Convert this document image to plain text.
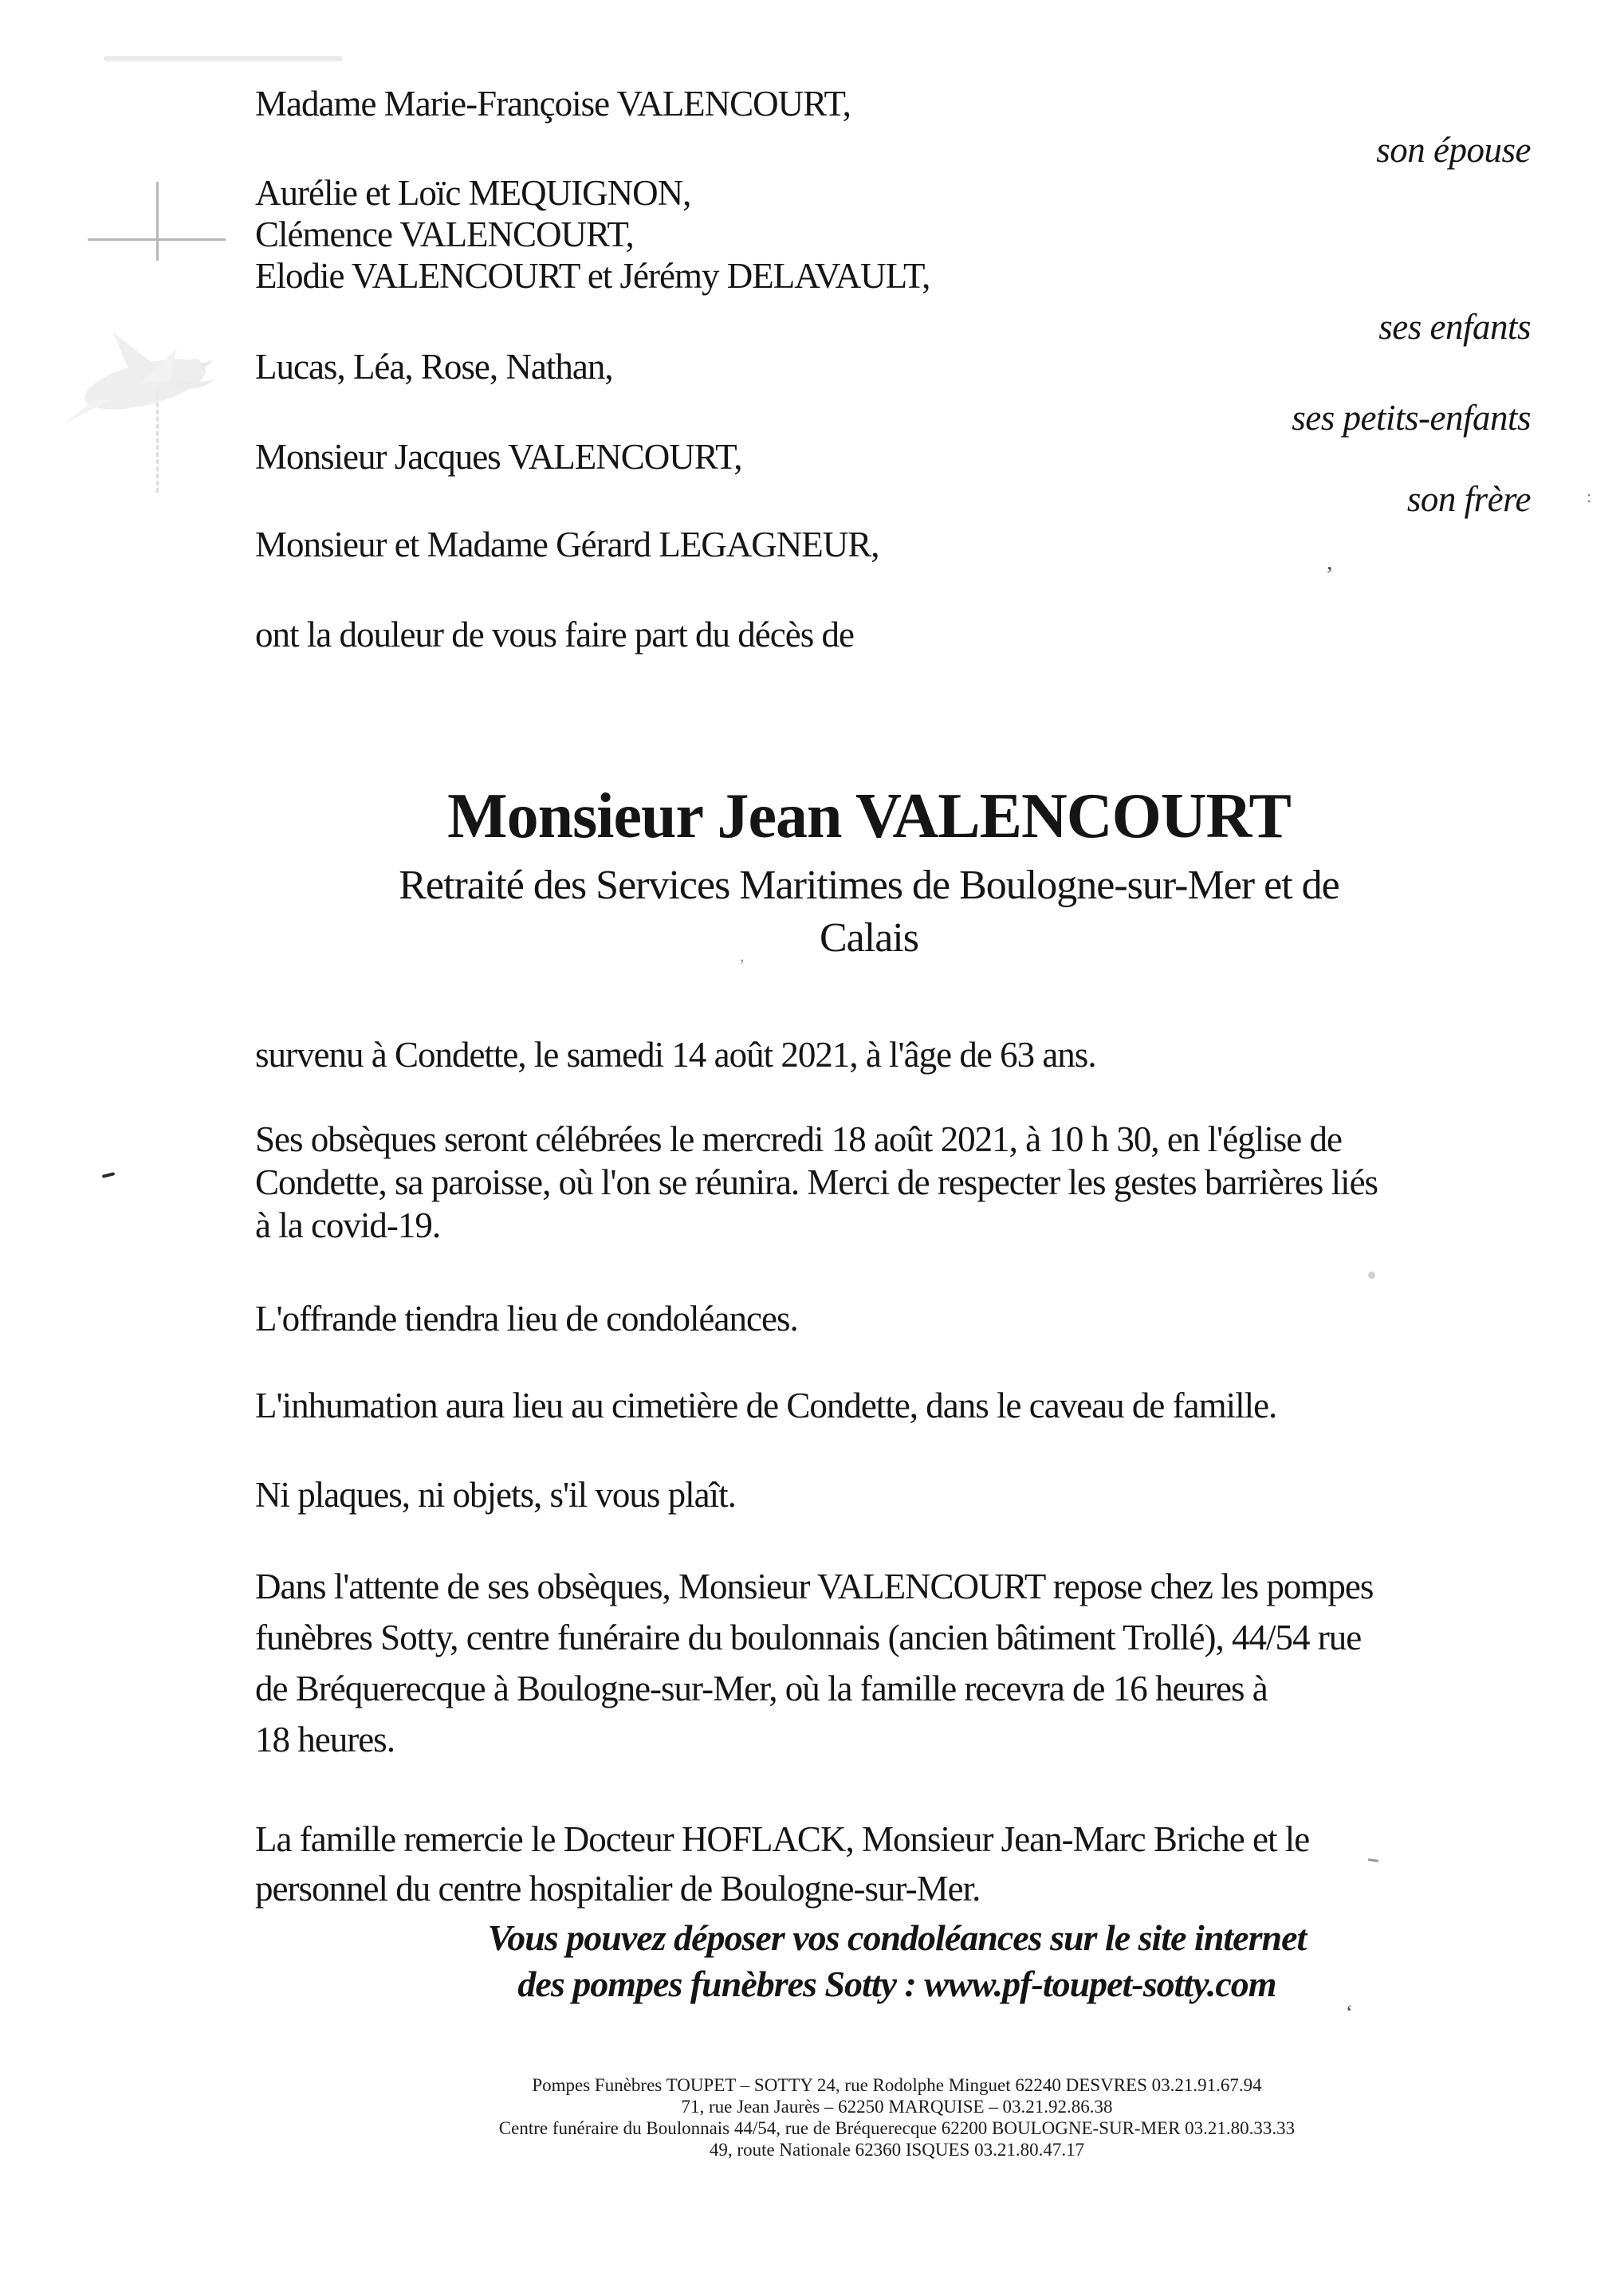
Madame Marie-Françoise VALENCOURT,
son épouse
Aurélie et Loïc MEQUIGNON,
Clémence VALENCOURT,
Elodie VALENCOURT et Jérémy DELAVAULT,
ses enfants
Lucas, Léa, Rose, Nathan,
ses petits-enfants
Monsieur Jacques VALENCOURT,
son frère
Monsieur et Madame Gérard LEGAGNEUR,
ont la douleur de vous faire part du décès de
Monsieur Jean VALENCOURT
Retraité des Services Maritimes de Boulogne-sur-Mer et de
Calais
survenu à Condette, le samedi 14 août 2021, à l'âge de 63 ans.
Ses obsèques seront célébrées le mercredi 18 août 2021, à 10 h 30, en l'église de
Condette, sa paroisse, où l'on se réunira. Merci de respecter les gestes barrières liés
à la covid-19.
L'offrande tiendra lieu de condoléances.
L'inhumation aura lieu au cimetière de Condette, dans le caveau de famille.
Ni plaques, ni objets, s'il vous plaît.
Dans l'attente de ses obsèques, Monsieur VALENCOURT repose chez les pompes
funèbres Sotty, centre funéraire du boulonnais (ancien bâtiment Trollé), 44/54 rue
de Bréquerecque à Boulogne-sur-Mer, où la famille recevra de 16 heures à
18 heures.
La famille remercie le Docteur HOFLACK, Monsieur Jean-Marc Briche et le
personnel du centre hospitalier de Boulogne-sur-Mer.
Vous pouvez déposer vos condoléances sur le site internet
des pompes funèbres Sotty : www.pf-toupet-sotty.com
Pompes Funèbres TOUPET – SOTTY 24, rue Rodolphe Minguet 62240 DESVRES 03.21.91.67.94
71, rue Jean Jaurès – 62250 MARQUISE – 03.21.92.86.38
Centre funéraire du Boulonnais 44/54, rue de Bréquerecque 62200 BOULOGNE-SUR-MER 03.21.80.33.33
49, route Nationale 62360 ISQUES 03.21.80.47.17
:
,
,
‘
